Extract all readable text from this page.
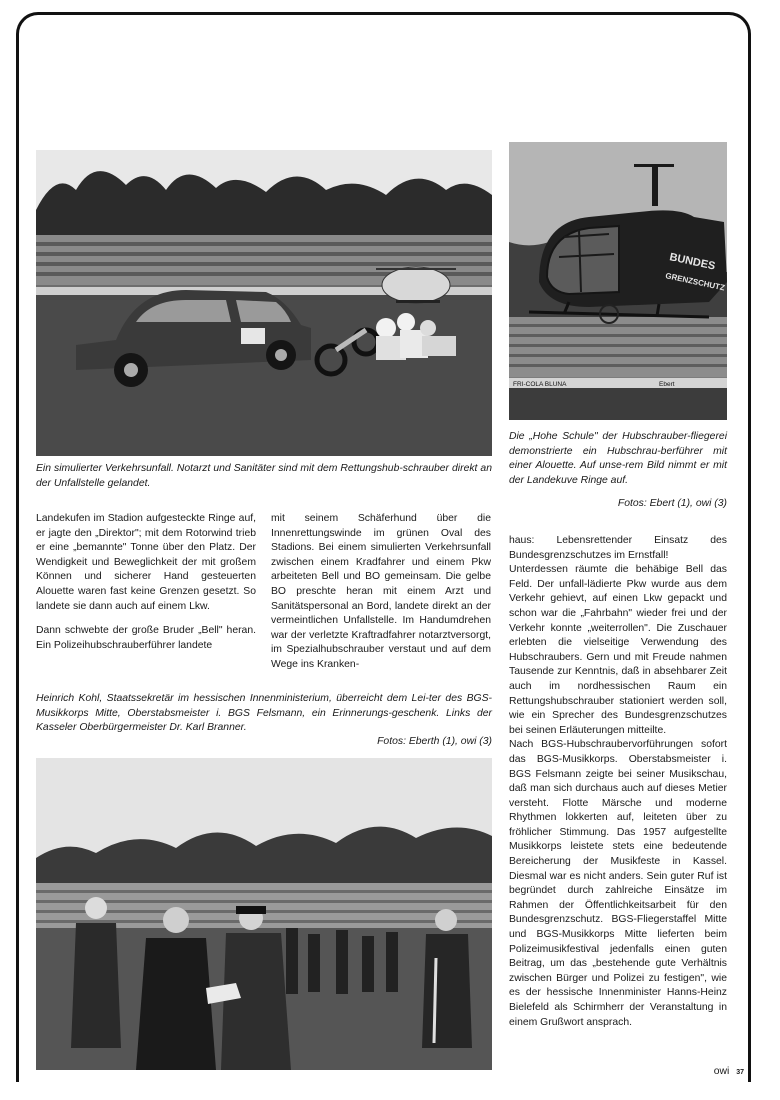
Ein simulierter Verkehrsunfall. Notarzt und Sanitäter sind mit dem Rettungshub-schrauber direkt an der Unfallstelle gelandet.

FRI-COLA BLUNA	Ebert
BUNDES
GRENZSCHUTZ

Die „Hohe Schule" der Hubschrauber-fliegerei demonstrierte ein Hubschrau-berführer mit einer Alouette. Auf unse-rem Bild nimmt er mit der Landekuve Ringe auf.

Fotos: Ebert (1), owi (3)

Landekufen im Stadion aufgesteckte Ringe auf, er jagte den „Direktor"; mit dem Rotorwind trieb er eine „bemannte" Tonne über den Platz. Der Wendigkeit und Beweglichkeit der mit großem Können und sicherer Hand gesteuerten Alouette waren fast keine Grenzen gesetzt. So landete sie dann auch auf einem Lkw.

Dann schwebte der große Bruder „Bell" heran. Ein Polizeihubschrauberführer landete

mit seinem Schäferhund über die Innenrettungswinde im grünen Oval des Stadions. Bei einem simulierten Verkehrsunfall zwischen einem Kradfahrer und einem Pkw arbeiteten Bell und BO gemeinsam. Die gelbe BO preschte heran mit einem Arzt und Sanitätspersonal an Bord, landete direkt an der vermeintlichen Unfallstelle. Im Handumdrehen war der verletzte Kraftradfahrer notarztversorgt, im Spezialhubschrauber verstaut und auf dem Wege ins Kranken-

haus: Lebensrettender Einsatz des Bundesgrenzschutzes im Ernstfall!

Unterdessen räumte die behäbige Bell das Feld. Der unfall-lädierte Pkw wurde aus dem Verkehr gehievt, auf einen Lkw gepackt und schon war die „Fahrbahn" wieder frei und der Verkehr konnte „weiterrollen". Die Zuschauer erlebten die vielseitige Verwendung des Hubschraubers. Gern und mit Freude nahmen Tausende zur Kenntnis, daß in absehbarer Zeit auch im nordhessischen Raum ein Rettungshubschrauber stationiert werden soll, wie ein Sprecher des Bundesgrenzschutzes bei seinen Erläuterungen mitteilte.

Nach BGS-Hubschraubervorführungen sofort das BGS-Musikkorps. Oberstabsmeister i. BGS Felsmann zeigte bei seiner Musikschau, daß man sich durchaus auch auf dieses Metier versteht. Flotte Märsche und moderne Rhythmen lokkerten auf, leiteten über zu fröhlicher Stimmung. Das 1957 aufgestellte Musikkorps leistete stets eine bedeutende Bereicherung der Musikfeste in Kassel. Diesmal war es nicht anders. Sein guter Ruf ist begründet durch zahlreiche Einsätze im Rahmen der Öffentlichkeitsarbeit für den Bundesgrenzschutz. BGS-Fliegerstaffel Mitte und BGS-Musikkorps Mitte lieferten beim Polizeimusikfestival jedenfalls einen guten Beitrag, um das „bestehende gute Verhältnis zwischen Bürger und Polizei zu festigen", wie es der hessische Innenminister Hanns-Heinz Bielefeld als Schirmherr der Veranstaltung in einem Grußwort ansprach.

Heinrich Kohl, Staatssekretär im hessischen Innenministerium, überreicht dem Lei-ter des BGS-Musikkorps Mitte, Oberstabsmeister i. BGS Felsmann, ein Erinnerungs-geschenk. Links der Kasseler Oberbürgermeister Dr. Karl Branner.

Fotos: Eberth (1), owi (3)

owi 37
